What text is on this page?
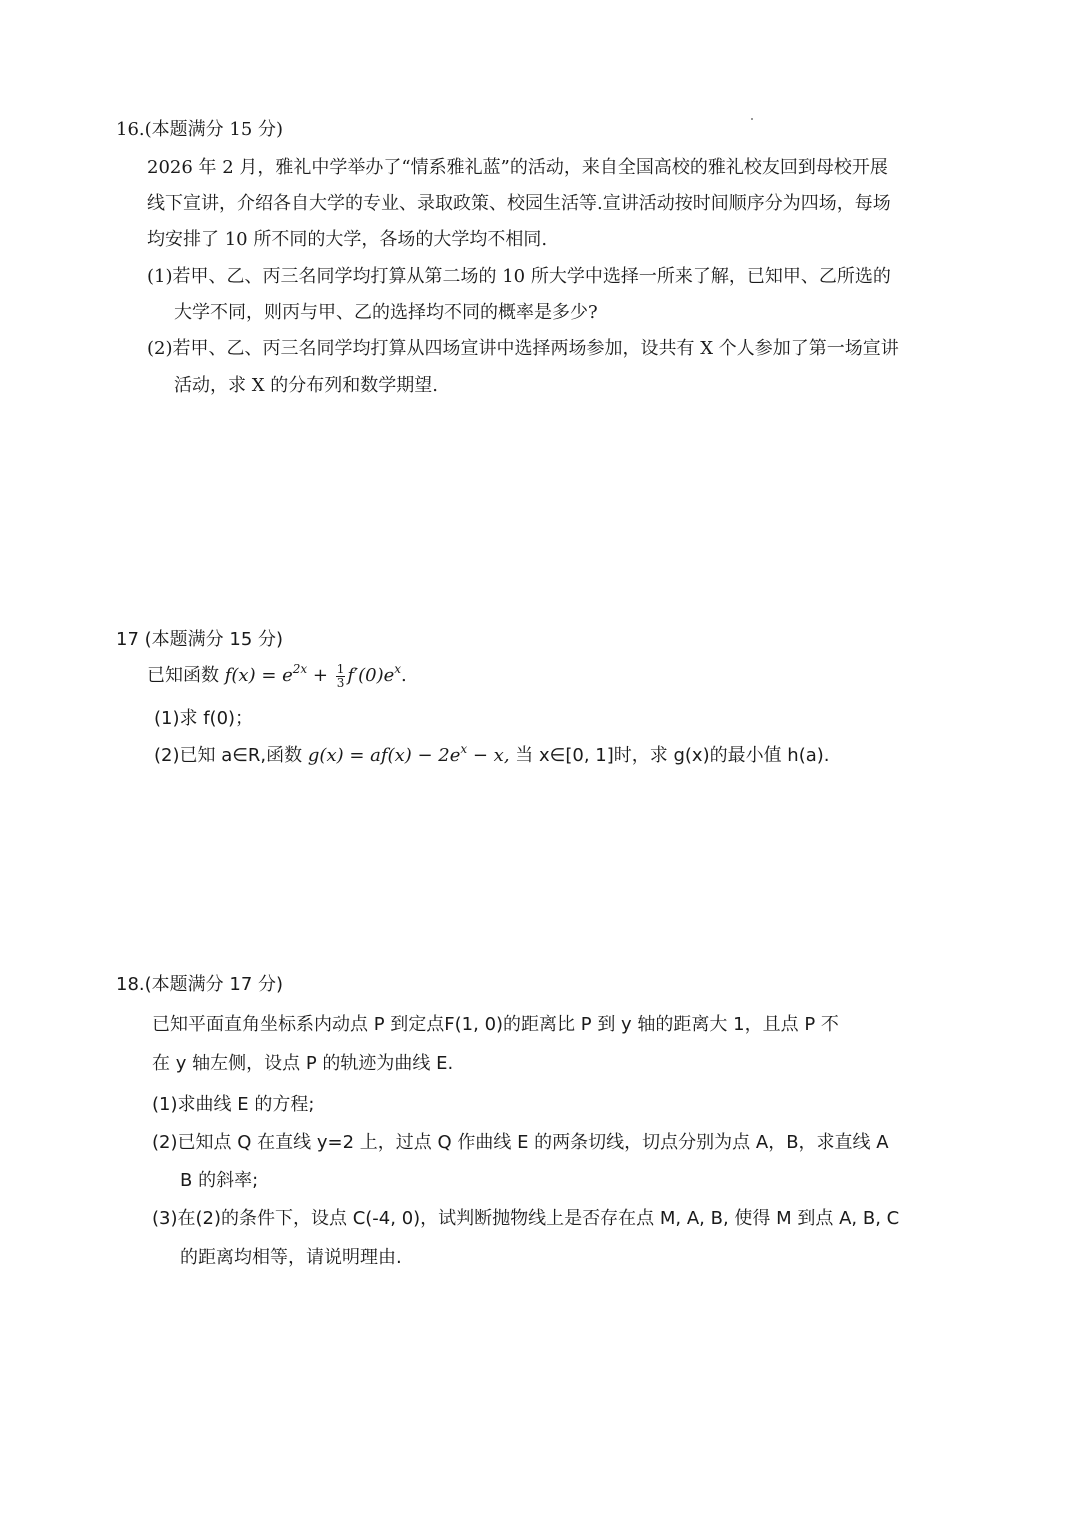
16.(本题满分 15 分)
2026 年 2 月，雅礼中学举办了“情系雅礼蓝”的活动，来自全国高校的雅礼校友回到母校开展
线下宣讲，介绍各自大学的专业、录取政策、校园生活等.宣讲活动按时间顺序分为四场，每场
均安排了 10 所不同的大学，各场的大学均不相同.
(1)若甲、乙、丙三名同学均打算从第二场的 10 所大学中选择一所来了解，已知甲、乙所选的
大学不同，则丙与甲、乙的选择均不同的概率是多少?
(2)若甲、乙、丙三名同学均打算从四场宣讲中选择两场参加，设共有 X 个人参加了第一场宣讲
活动，求 X 的分布列和数学期望.
17 (本题满分 15 分)
已知函数 $f(x) = e^{2x} + \frac{1}{3} f'(0)e^x$.
(1)求 f(0)；
(2)已知 a∈R,函数 $g(x) = af(x) - 2e^x - x$, 当 x∈[0, 1]时，求 g(x)的最小值 h(a).
18.(本题满分 17 分)
已知平面直角坐标系内动点 P 到定点F(1, 0)的距离比 P 到 y 轴的距离大 1，且点 P 不
在 y 轴左侧，设点 P 的轨迹为曲线 E.
(1)求曲线 E 的方程;
(2)已知点 Q 在直线 y=2 上，过点 Q 作曲线 E 的两条切线，切点分别为点 A，B，求直线 A
B 的斜率;
(3)在(2)的条件下，设点 C(-4, 0)，试判断抛物线上是否存在点 M, A, B, 使得 M 到点 A, B, C
的距离均相等，请说明理由.
